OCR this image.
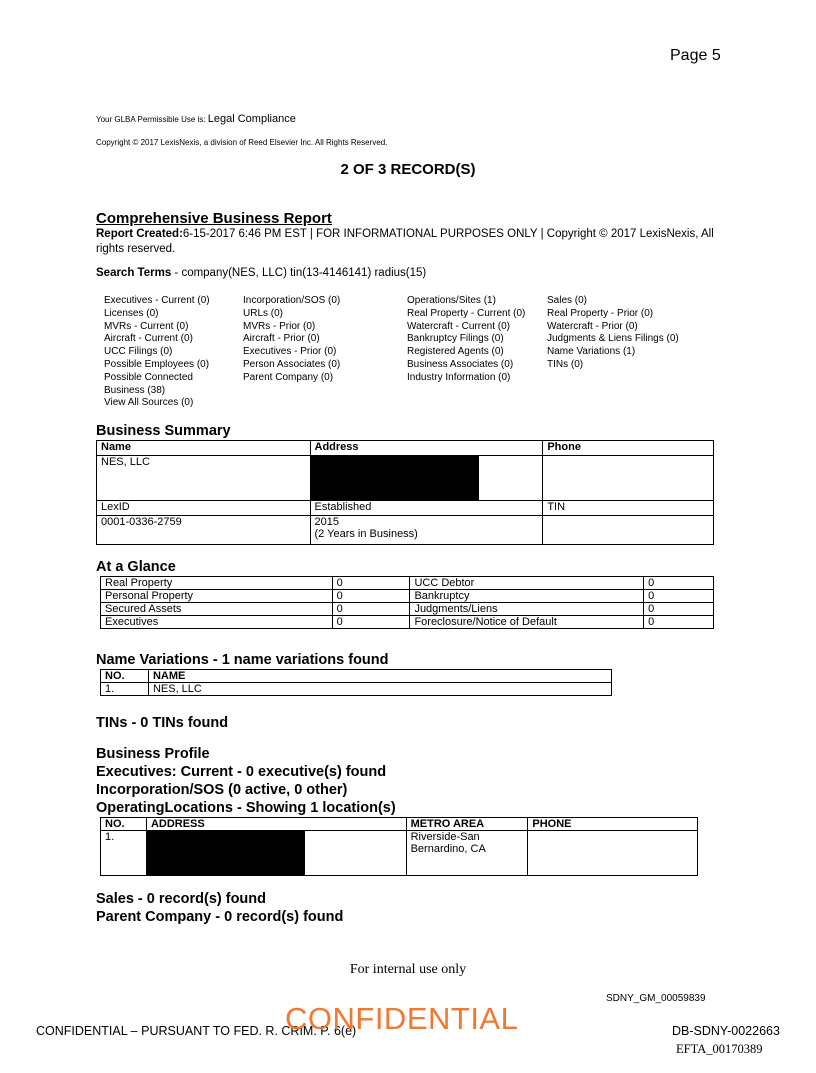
Page 5
Your GLBA Permissible Use is: Legal Compliance
Copyright © 2017 LexisNexis, a division of Reed Elsevier Inc. All Rights Reserved.
2 OF 3 RECORD(S)
Comprehensive Business Report
Report Created:6-15-2017 6:46 PM EST | FOR INFORMATIONAL PURPOSES ONLY | Copyright © 2017 LexisNexis, All rights reserved.
Search Terms - company(NES, LLC) tin(13-4146141) radius(15)
Executives - Current (0)
Licenses (0)
MVRs - Current (0)
Aircraft - Current (0)
UCC Filings (0)
Possible Employees (0)
Possible Connected
Business (38)
View All Sources (0)
Incorporation/SOS (0)
URLs (0)
MVRs - Prior (0)
Aircraft - Prior (0)
Executives - Prior (0)
Person Associates (0)
Parent Company (0)
Operations/Sites (1)
Real Property - Current (0)
Watercraft - Current (0)
Bankruptcy Filings (0)
Registered Agents (0)
Business Associates (0)
Industry Information (0)
Sales (0)
Real Property - Prior (0)
Watercraft - Prior (0)
Judgments & Liens Filings (0)
Name Variations (1)
TINs (0)
Business Summary
Name	Address	Phone
NES, LLC	

LexID	Established	TIN
0001-0336-2759	2015
(2 Years in Business)	

At a Glance
Real Property	0	UCC Debtor	0
Personal Property	0	Bankruptcy	0
Secured Assets	0	Judgments/Liens	0
Executives	0	Foreclosure/Notice of Default	0
Name Variations - 1 name variations found
NO.	NAME
1.	NES, LLC
TINs - 0 TINs found
Business Profile
Executives: Current - 0 executive(s) found
Incorporation/SOS (0 active, 0 other)
OperatingLocations - Showing 1 location(s)
NO.	ADDRESS	METRO AREA	PHONE
1.		Riverside-San Bernardino, CA	
Sales - 0 record(s) found
Parent Company - 0 record(s) found
For internal use only
SDNY_GM_00059839
CONFIDENTIAL – PURSUANT TO FED. R. CRIM. P. 6(e)
CONFIDENTIAL	DB-SDNY-0022663
EFTA_00170389
